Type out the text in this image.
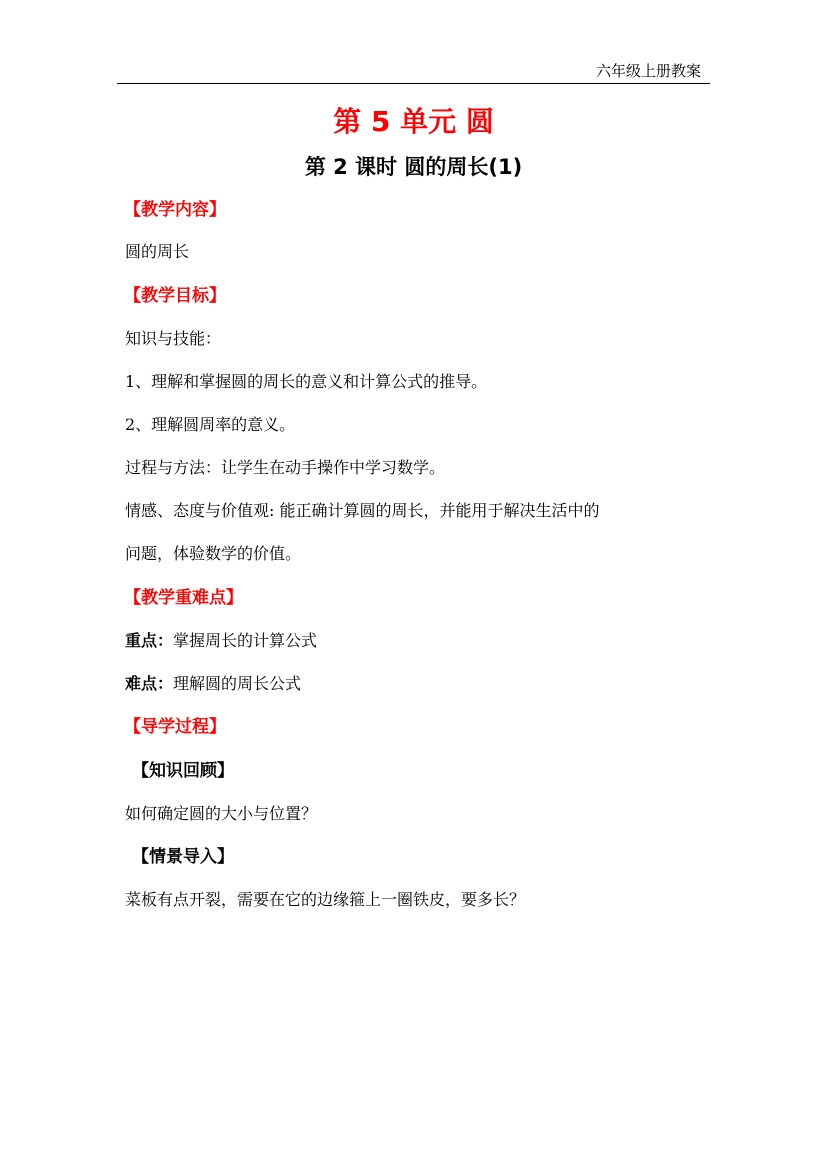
六年级上册教案
第 5 单元 圆
第 2 课时 圆的周长(1)
【教学内容】
圆的周长
【教学目标】
知识与技能：
1、理解和掌握圆的周长的意义和计算公式的推导。
2、理解圆周率的意义。
过程与方法：让学生在动手操作中学习数学。
情感、态度与价值观: 能正确计算圆的周长，并能用于解决生活中的
问题，体验数学的价值。
【教学重难点】
重点：掌握周长的计算公式
难点：理解圆的周长公式
【导学过程】
【知识回顾】
如何确定圆的大小与位置？
【情景导入】
菜板有点开裂，需要在它的边缘箍上一圈铁皮，要多长？
